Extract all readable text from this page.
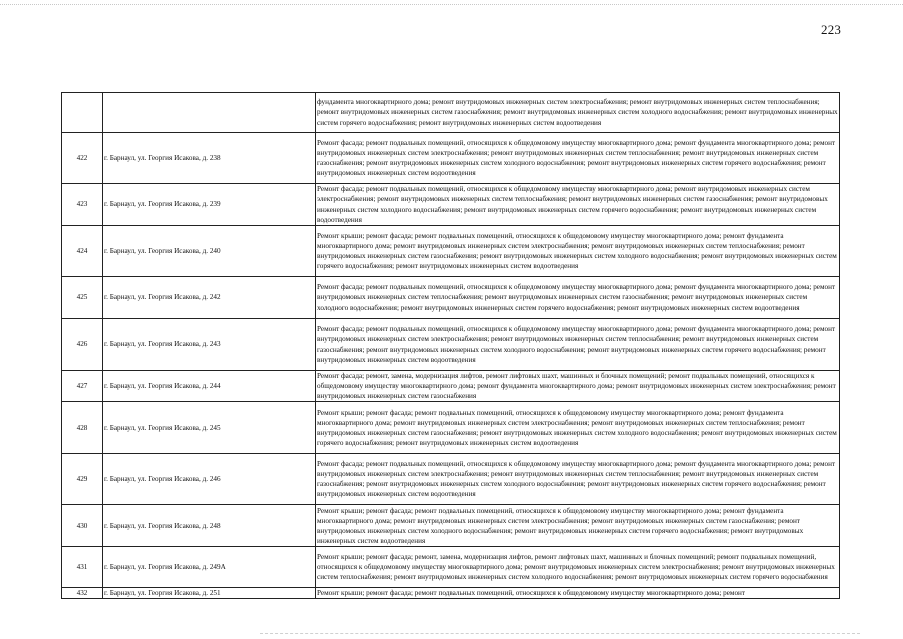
223
		фундамента многоквартирного дома; ремонт внутридомовых инженерных систем электроснабжения; ремонт внутридомовых инженерных систем теплоснабжения; ремонт внутридомовых инженерных систем газоснабжения; ремонт внутридомовых инженерных систем холодного водоснабжения; ремонт внутридомовых инженерных систем горячего водоснабжения; ремонт внутридомовых инженерных систем водоотведения
422	г. Барнаул, ул. Георгия Исакова, д. 238	Ремонт фасада; ремонт подвальных помещений, относящихся к общедомовому имуществу многоквартирного дома; ремонт фундамента многоквартирного дома; ремонт внутридомовых инженерных систем электроснабжения; ремонт внутридомовых инженерных систем теплоснабжения; ремонт внутридомовых инженерных систем газоснабжения; ремонт внутридомовых инженерных систем холодного водоснабжения; ремонт внутридомовых инженерных систем горячего водоснабжения; ремонт внутридомовых инженерных систем водоотведения
423	г. Барнаул, ул. Георгия Исакова, д. 239	Ремонт фасада; ремонт подвальных помещений, относящихся к общедомовому имуществу многоквартирного дома; ремонт внутридомовых инженерных систем электроснабжения; ремонт внутридомовых инженерных систем теплоснабжения; ремонт внутридомовых инженерных систем газоснабжения; ремонт внутридомовых инженерных систем холодного водоснабжения; ремонт внутридомовых инженерных систем горячего водоснабжения; ремонт внутридомовых инженерных систем водоотведения
424	г. Барнаул, ул. Георгия Исакова, д. 240	Ремонт крыши; ремонт фасада; ремонт подвальных помещений, относящихся к общедомовому имуществу многоквартирного дома; ремонт фундамента многоквартирного дома; ремонт внутридомовых инженерных систем электроснабжения; ремонт внутридомовых инженерных систем теплоснабжения; ремонт внутридомовых инженерных систем газоснабжения; ремонт внутридомовых инженерных систем холодного водоснабжения; ремонт внутридомовых инженерных систем горячего водоснабжения; ремонт внутридомовых инженерных систем водоотведения
425	г. Барнаул, ул. Георгия Исакова, д. 242	Ремонт фасада; ремонт подвальных помещений, относящихся к общедомовому имуществу многоквартирного дома; ремонт фундамента многоквартирного дома; ремонт внутридомовых инженерных систем теплоснабжения; ремонт внутридомовых инженерных систем газоснабжения; ремонт внутридомовых инженерных систем холодного водоснабжения; ремонт внутридомовых инженерных систем горячего водоснабжения; ремонт внутридомовых инженерных систем водоотведения
426	г. Барнаул, ул. Георгия Исакова, д. 243	Ремонт фасада; ремонт подвальных помещений, относящихся к общедомовому имуществу многоквартирного дома; ремонт фундамента многоквартирного дома; ремонт внутридомовых инженерных систем электроснабжения; ремонт внутридомовых инженерных систем теплоснабжения; ремонт внутридомовых инженерных систем газоснабжения; ремонт внутридомовых инженерных систем холодного водоснабжения; ремонт внутридомовых инженерных систем горячего водоснабжения; ремонт внутридомовых инженерных систем водоотведения
427	г. Барнаул, ул. Георгия Исакова, д. 244	Ремонт фасада; ремонт, замена, модернизация лифтов, ремонт лифтовых шахт, машинных и блочных помещений; ремонт подвальных помещений, относящихся к общедомовому имуществу многоквартирного дома; ремонт фундамента многоквартирного дома; ремонт внутридомовых инженерных систем электроснабжения; ремонт внутридомовых инженерных систем газоснабжения
428	г. Барнаул, ул. Георгия Исакова, д. 245	Ремонт крыши; ремонт фасада; ремонт подвальных помещений, относящихся к общедомовому имуществу многоквартирного дома; ремонт фундамента многоквартирного дома; ремонт внутридомовых инженерных систем электроснабжения; ремонт внутридомовых инженерных систем теплоснабжения; ремонт внутридомовых инженерных систем газоснабжения; ремонт внутридомовых инженерных систем холодного водоснабжения; ремонт внутридомовых инженерных систем горячего водоснабжения; ремонт внутридомовых инженерных систем водоотведения
429	г. Барнаул, ул. Георгия Исакова, д. 246	Ремонт фасада; ремонт подвальных помещений, относящихся к общедомовому имуществу многоквартирного дома; ремонт фундамента многоквартирного дома; ремонт внутридомовых инженерных систем электроснабжения; ремонт внутридомовых инженерных систем теплоснабжения; ремонт внутридомовых инженерных систем газоснабжения; ремонт внутридомовых инженерных систем холодного водоснабжения; ремонт внутридомовых инженерных систем горячего водоснабжения; ремонт внутридомовых инженерных систем водоотведения
430	г. Барнаул, ул. Георгия Исакова, д. 248	Ремонт крыши; ремонт фасада; ремонт подвальных помещений, относящихся к общедомовому имуществу многоквартирного дома; ремонт фундамента многоквартирного дома; ремонт внутридомовых инженерных систем электроснабжения; ремонт внутридомовых инженерных систем газоснабжения; ремонт внутридомовых инженерных систем холодного водоснабжения; ремонт внутридомовых инженерных систем горячего водоснабжения; ремонт внутридомовых инженерных систем водоотведения
431	г. Барнаул, ул. Георгия Исакова, д. 249А	Ремонт крыши; ремонт фасада; ремонт, замена, модернизация лифтов, ремонт лифтовых шахт, машинных и блочных помещений; ремонт подвальных помещений, относящихся к общедомовому имуществу многоквартирного дома; ремонт внутридомовых инженерных систем электроснабжения; ремонт внутридомовых инженерных систем теплоснабжения; ремонт внутридомовых инженерных систем холодного водоснабжения; ремонт внутридомовых инженерных систем горячего водоснабжения
432	г. Барнаул, ул. Георгия Исакова, д. 251	Ремонт крыши; ремонт фасада; ремонт подвальных помещений, относящихся к общедомовому имуществу многоквартирного дома; ремонт
